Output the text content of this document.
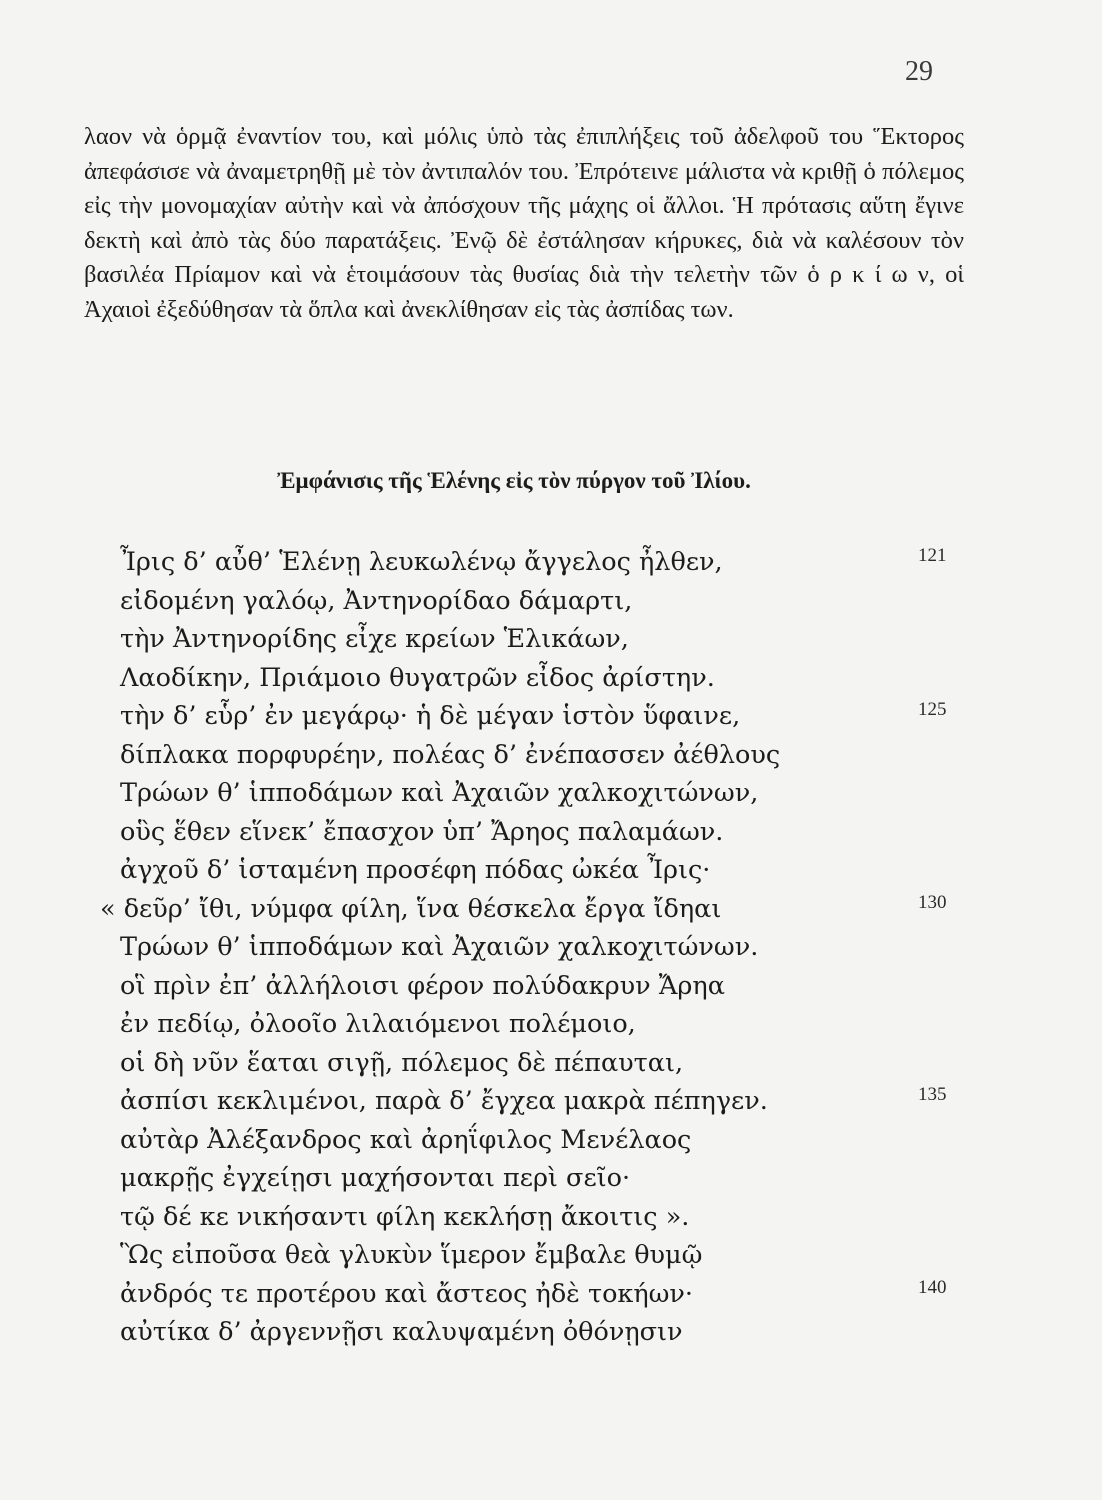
29

λαον νὰ ὁρμᾷ ἐναντίον του, καὶ μόλις ὑπὸ τὰς ἐπιπλήξεις τοῦ ἀδελφοῦ του Ἕκτορος ἀπεφάσισε νὰ ἀναμετρηθῇ μὲ τὸν ἀντιπαλόν του. Ἐπρότεινε μάλιστα νὰ κριθῇ ὁ πόλεμος εἰς τὴν μονομαχίαν αὐτὴν καὶ νὰ ἀπόσχουν τῆς μάχης οἱ ἄλλοι. Ἡ πρότασις αὕτη ἔγινε δεκτὴ καὶ ἀπὸ τὰς δύο παρατάξεις. Ἐνῷ δὲ ἐστάλησαν κήρυκες, διὰ νὰ καλέσουν τὸν βασιλέα Πρίαμον καὶ νὰ ἑτοιμάσουν τὰς θυσίας διὰ τὴν τελετὴν τῶν ὁ ρ κ ί ω ν, οἱ Ἀχαιοὶ ἐξεδύθησαν τὰ ὅπλα καὶ ἀνεκλίθησαν εἰς τὰς ἀσπίδας των.

Ἐμφάνισις τῆς Ἑλένης εἰς τὸν πύργον τοῦ Ἰλίου.
Ἶρις δ’ αὖθ’ Ἑλένῃ λευκωλένῳ ἄγγελος ἦλθεν,	121
εἰδομένη γαλόῳ, Ἀντηνορίδαο δάμαρτι,
τὴν Ἀντηνορίδης εἶχε κρείων Ἑλικάων,
Λαοδίκην, Πριάμοιο θυγατρῶν εἶδος ἀρίστην.
τὴν δ’ εὗρ’ ἐν μεγάρῳ· ἡ δὲ μέγαν ἱστὸν ὕφαινε,	125
δίπλακα πορφυρέην, πολέας δ’ ἐνέπασσεν ἀέθλους
Τρώων θ’ ἱπποδάμων καὶ Ἀχαιῶν χαλκοχιτώνων,
οὓς ἕθεν εἵνεκ’ ἔπασχον ὑπ’ Ἄρηος παλαμάων.
ἀγχοῦ δ’ ἱσταμένη προσέφη πόδας ὠκέα Ἶρις·
« δεῦρ’ ἴθι, νύμφα φίλη, ἵνα θέσκελα ἔργα ἴδηαι	130
Τρώων θ’ ἱπποδάμων καὶ Ἀχαιῶν χαλκοχιτώνων.
οἳ πρὶν ἐπ’ ἀλλήλοισι φέρον πολύδακρυν Ἄρηα
ἐν πεδίῳ, ὀλοοῖο λιλαιόμενοι πολέμοιο,
οἱ δὴ νῦν ἕαται σιγῇ, πόλεμος δὲ πέπαυται,
ἀσπίσι κεκλιμένοι, παρὰ δ’ ἔγχεα μακρὰ πέπηγεν.	135
αὐτὰρ Ἀλέξανδρος καὶ ἀρηΐφιλος Μενέλαος
μακρῇς ἐγχείῃσι μαχήσονται περὶ σεῖο·
τῷ δέ κε νικήσαντι φίλη κεκλήσῃ ἄκοιτις ».
Ὣς εἰποῦσα θεὰ γλυκὺν ἵμερον ἔμβαλε θυμῷ
ἀνδρός τε προτέρου καὶ ἄστεος ἠδὲ τοκήων·	140
αὐτίκα δ’ ἀργεννῇσι καλυψαμένη ὀθόνῃσιν
